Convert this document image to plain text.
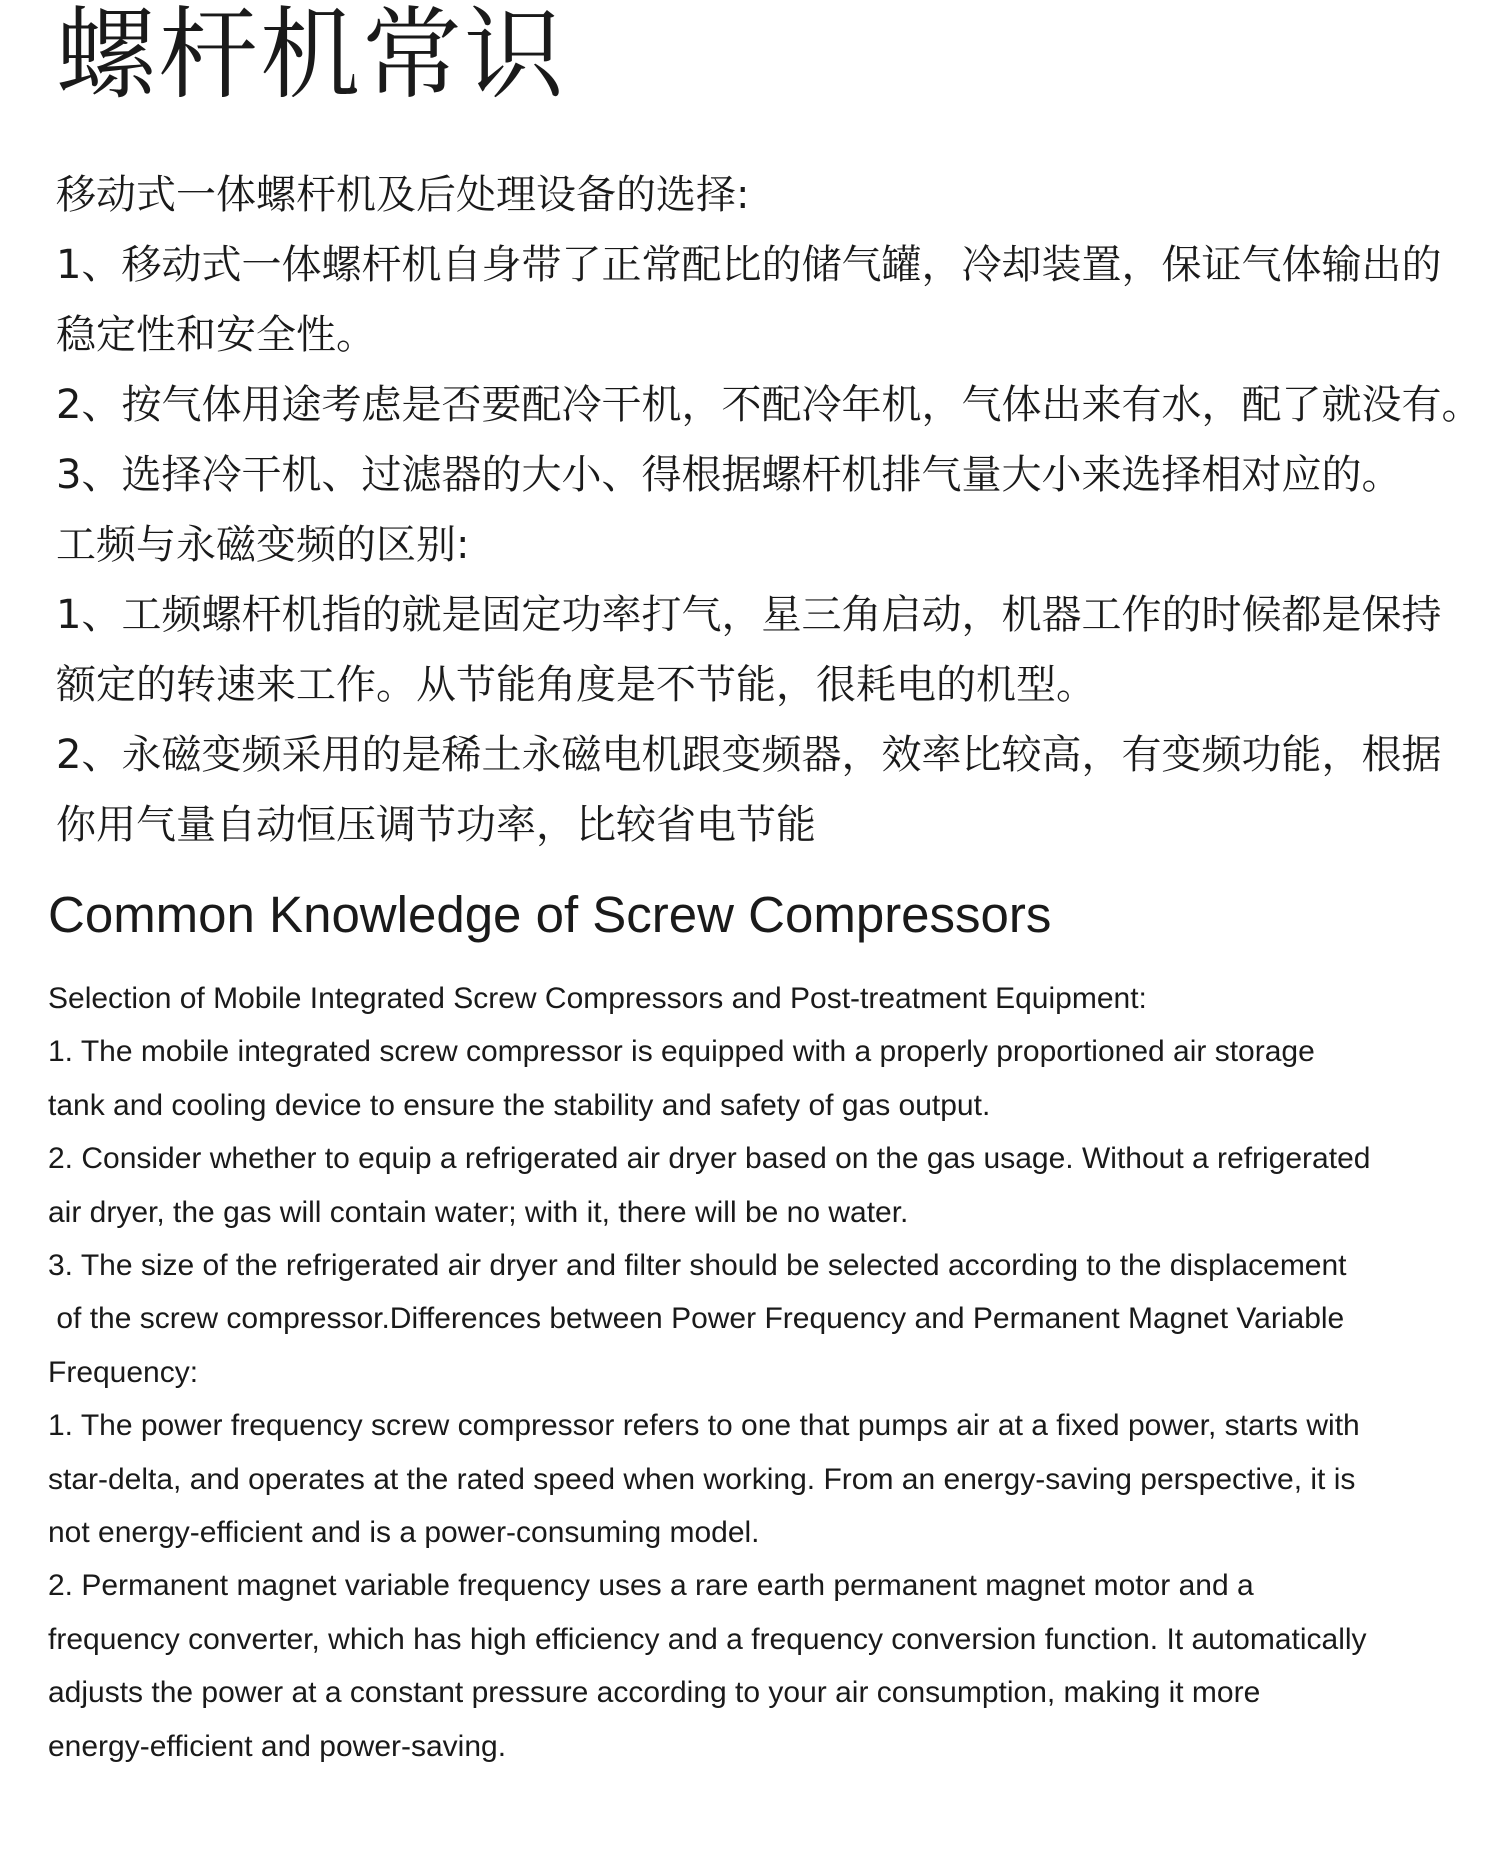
螺杆机常识
移动式一体螺杆机及后处理设备的选择:
1、移动式一体螺杆机自身带了正常配比的储气罐，冷却装置，保证气体输出的
稳定性和安全性。
2、按气体用途考虑是否要配冷干机，不配冷年机，气体出来有水，配了就没有。
3、选择冷干机、过滤器的大小、得根据螺杆机排气量大小来选择相对应的。
工频与永磁变频的区别:
1、工频螺杆机指的就是固定功率打气，星三角启动，机器工作的时候都是保持
额定的转速来工作。从节能角度是不节能，很耗电的机型。
2、永磁变频采用的是稀土永磁电机跟变频器，效率比较高，有变频功能，根据
你用气量自动恒压调节功率，比较省电节能
Common Knowledge of Screw Compressors
Selection of Mobile Integrated Screw Compressors and Post-treatment Equipment:
1. The mobile integrated screw compressor is equipped with a properly proportioned air storage
tank and cooling device to ensure the stability and safety of gas output.
2. Consider whether to equip a refrigerated air dryer based on the gas usage. Without a refrigerated
air dryer, the gas will contain water; with it, there will be no water.
3. The size of the refrigerated air dryer and filter should be selected according to the displacement
of the screw compressor.Differences between Power Frequency and Permanent Magnet Variable
Frequency:
1. The power frequency screw compressor refers to one that pumps air at a fixed power, starts with
star-delta, and operates at the rated speed when working. From an energy-saving perspective, it is
not energy-efficient and is a power-consuming model.
2. Permanent magnet variable frequency uses a rare earth permanent magnet motor and a
frequency converter, which has high efficiency and a frequency conversion function. It automatically
adjusts the power at a constant pressure according to your air consumption, making it more
energy-efficient and power-saving.
